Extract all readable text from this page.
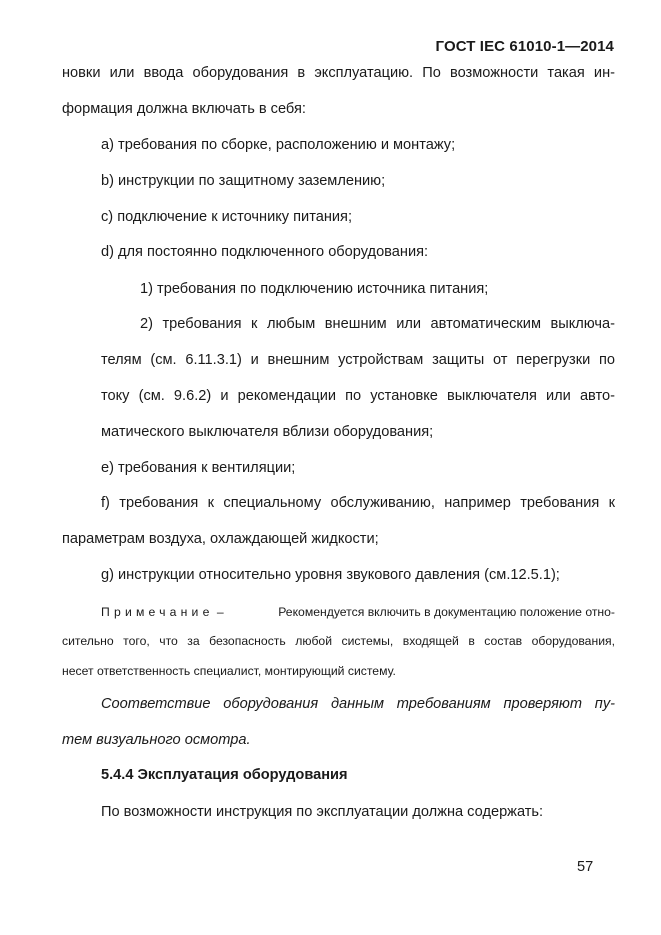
ГОСТ IEC 61010-1—2014
новки или ввода оборудования в эксплуатацию. По возможности такая ин-
формация должна включать в себя:
a) требования по сборке, расположению и монтажу;
b) инструкции по защитному заземлению;
c) подключение к источнику питания;
d) для постоянно подключенного оборудования:
1) требования по подключению источника питания;
2) требования к любым внешним или автоматическим выключа-
телям (см. 6.11.3.1) и внешним устройствам защиты от перегрузки по
току (см. 9.6.2) и рекомендации по установке выключателя или авто-
матического выключателя вблизи оборудования;
e) требования к вентиляции;
f) требования к специальному обслуживанию, например требования к
параметрам воздуха, охлаждающей жидкости;
g) инструкции относительно уровня звукового давления (см.12.5.1);
Примечание –	Рекомендуется включить в документацию положение отно-
сительно того, что за безопасность любой системы, входящей в состав оборудования,
несет ответственность специалист, монтирующий систему.
Соответствие оборудования данным требованиям проверяют пу-
тем визуального осмотра.
5.4.4 Эксплуатация оборудования
По возможности инструкция по эксплуатации должна содержать:
57
